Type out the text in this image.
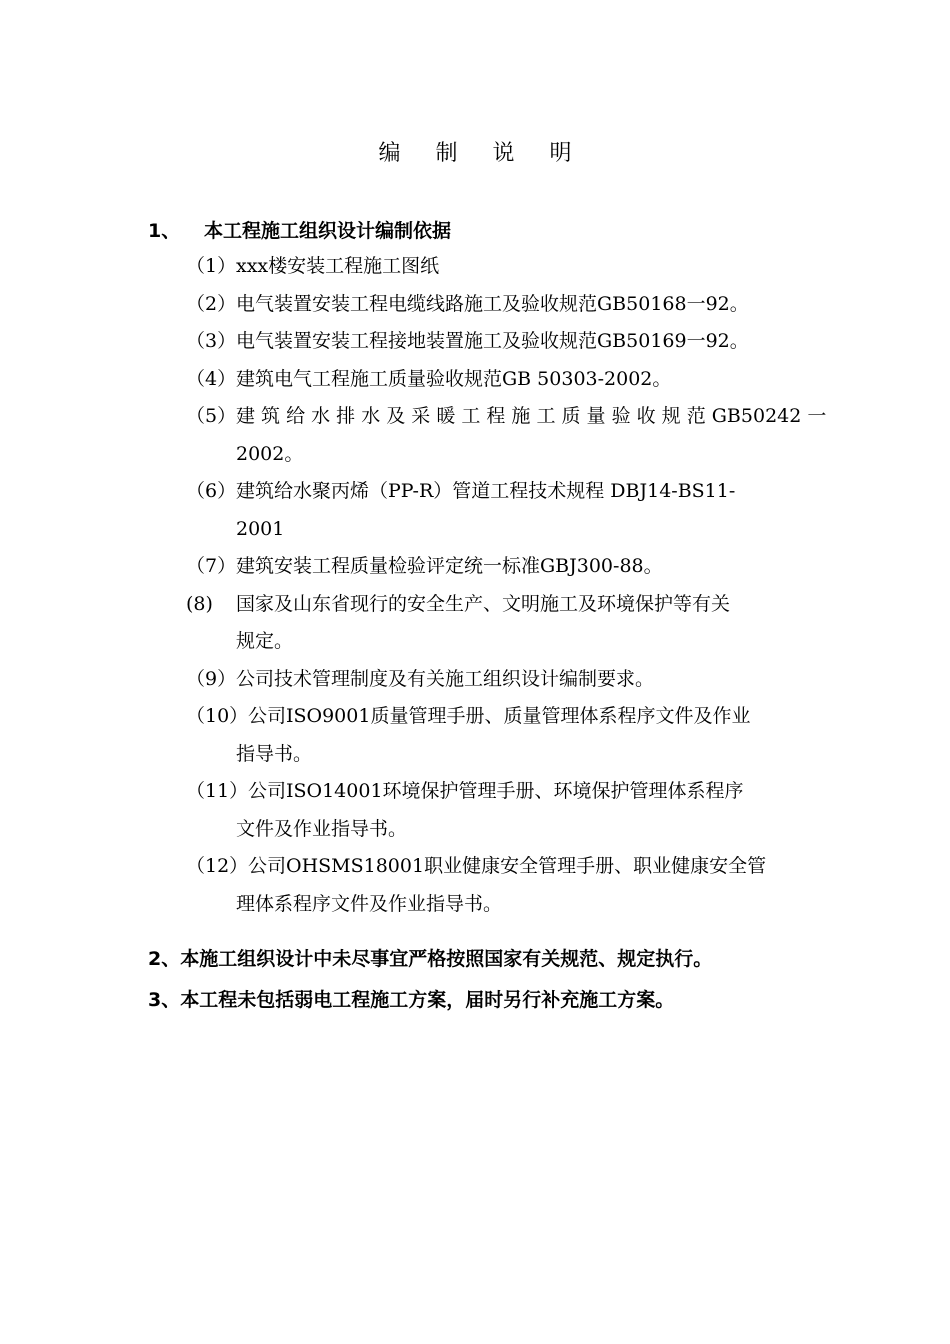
编 制 说 明
1、 本工程施工组织设计编制依据
（1） xxx楼安装工程施工图纸
（2） 电气装置安装工程电缆线路施工及验收规范GB50168一92。
（3） 电气装置安装工程接地装置施工及验收规范GB50169一92。
（4） 建筑电气工程施工质量验收规范GB 50303-2002。
（5） 建 筑 给 水 排 水 及 采 暖 工 程 施 工 质 量 验 收 规 范 GB50242 一
2002。
（6） 建筑给水聚丙烯（PP-R）管道工程技术规程 DBJ14-BS11-
2001
（7） 建筑安装工程质量检验评定统一标准GBJ300-88。
(8) 国家及山东省现行的安全生产、文明施工及环境保护等有关
规定。
（9） 公司技术管理制度及有关施工组织设计编制要求。
（10） 公司ISO9001质量管理手册、质量管理体系程序文件及作业
指导书。
（11） 公司ISO14001环境保护管理手册、环境保护管理体系程序
文件及作业指导书。
（12） 公司OHSMS18001职业健康安全管理手册、职业健康安全管
理体系程序文件及作业指导书。
2、本施工组织设计中未尽事宜严格按照国家有关规范、规定执行。
3、本工程未包括弱电工程施工方案，届时另行补充施工方案。
